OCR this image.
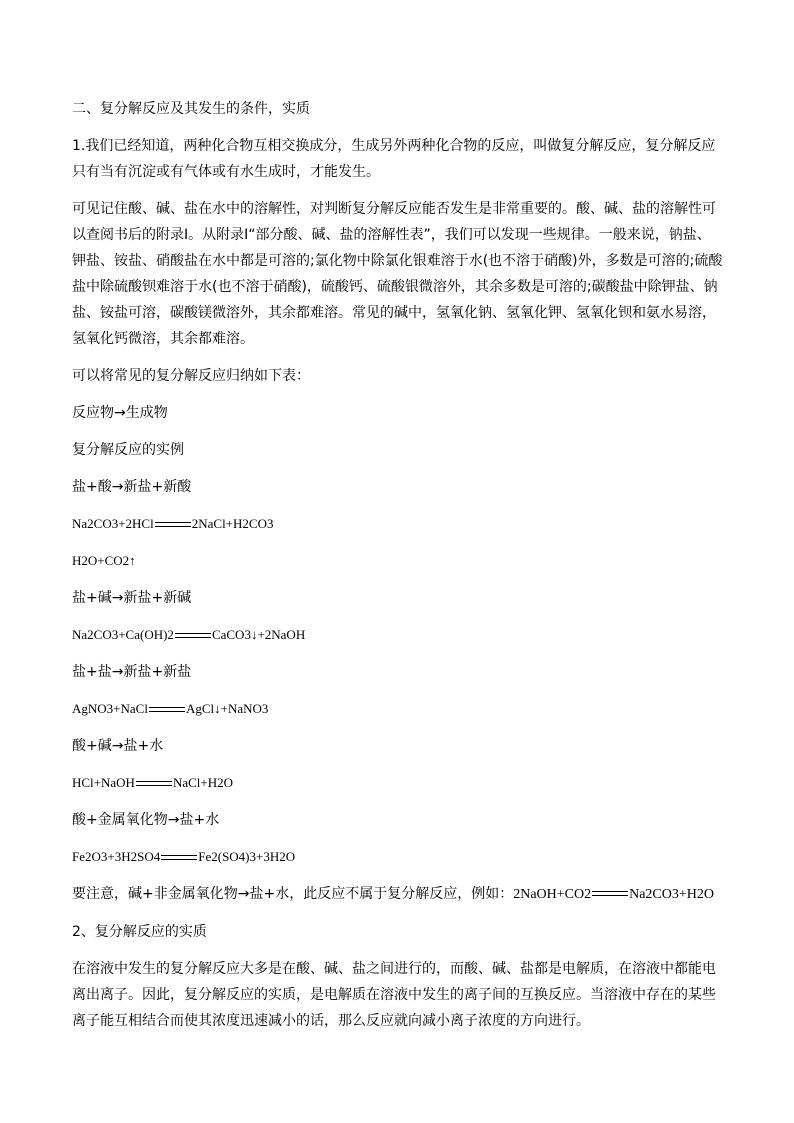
二、复分解反应及其发生的条件，实质

1.我们已经知道，两种化合物互相交换成分，生成另外两种化合物的反应，叫做复分解反应，复分解反应只有当有沉淀或有气体或有水生成时，才能发生。

可见记住酸、碱、盐在水中的溶解性，对判断复分解反应能否发生是非常重要的。酸、碱、盐的溶解性可以查阅书后的附录Ⅰ。从附录Ⅰ“部分酸、碱、盐的溶解性表”，我们可以发现一些规律。一般来说，钠盐、钾盐、铵盐、硝酸盐在水中都是可溶的;氯化物中除氯化银难溶于水(也不溶于硝酸)外，多数是可溶的;硫酸盐中除硫酸钡难溶于水(也不溶于硝酸)，硫酸钙、硫酸银微溶外，其余多数是可溶的;碳酸盐中除钾盐、钠盐、铵盐可溶，碳酸镁微溶外，其余都难溶。常见的碱中，氢氧化钠、氢氧化钾、氢氧化钡和氨水易溶，氢氧化钙微溶，其余都难溶。

可以将常见的复分解反应归纳如下表：

反应物→生成物

复分解反应的实例

盐+酸→新盐+新酸

Na2CO3+2HCl	2NaCl+H2CO3

H2O+CO2↑

盐+碱→新盐+新碱

Na2CO3+Ca(OH)2	CaCO3↓+2NaOH

盐+盐→新盐+新盐

AgNO3+NaCl	AgCl↓+NaNO3

酸+碱→盐+水

HCl+NaOH	NaCl+H2O

酸+金属氧化物→盐+水

Fe2O3+3H2SO4	Fe2(SO4)3+3H2O

要注意，碱+非金属氧化物→盐+水，此反应不属于复分解反应，例如：2NaOH+CO2	Na2CO3+H2O

2、复分解反应的实质

在溶液中发生的复分解反应大多是在酸、碱、盐之间进行的，而酸、碱、盐都是电解质，在溶液中都能电离出离子。因此，复分解反应的实质，是电解质在溶液中发生的离子间的互换反应。当溶液中存在的某些离子能互相结合而使其浓度迅速减小的话，那么反应就向减小离子浓度的方向进行。
